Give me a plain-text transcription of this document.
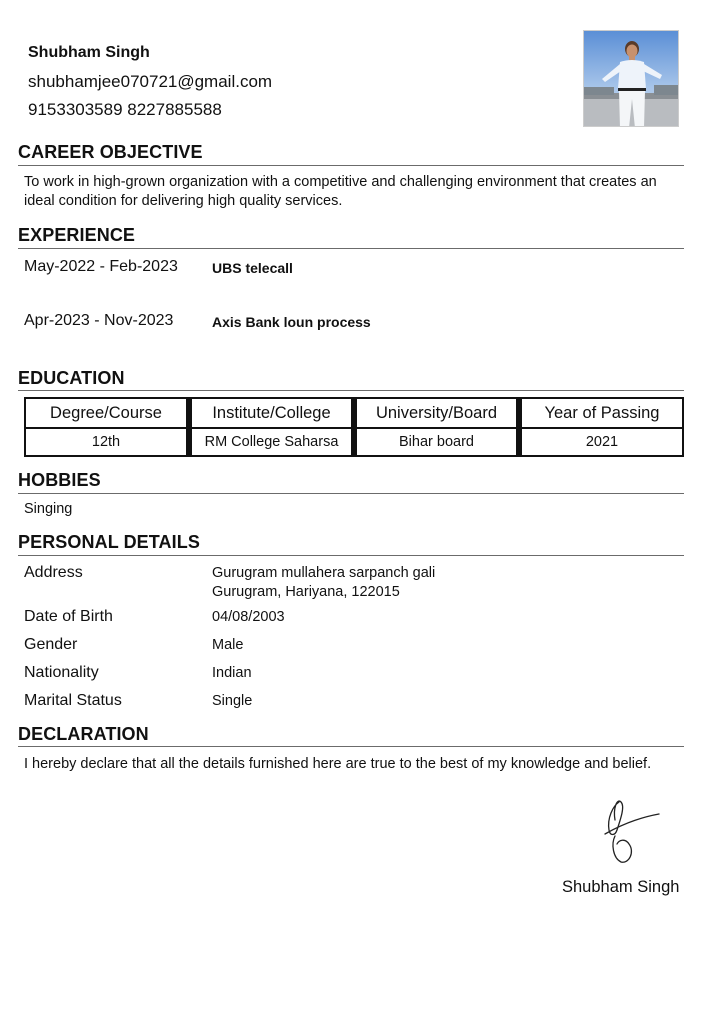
Shubham Singh
shubhamjee070721@gmail.com
9153303589 8227885588
CAREER OBJECTIVE
To work in high-grown organization with a competitive and challenging environment that creates an ideal condition for delivering high quality services.
EXPERIENCE
May-2022 - Feb-2023 UBS telecall
Apr-2023 - Nov-2023	Axis Bank loun process
EDUCATION
Degree/Course	Institute/College	University/Board	Year of Passing
12th	RM College Saharsa	Bihar board	2021
HOBBIES
Singing
PERSONAL DETAILS
Address	Gurugram mullahera sarpanch gali
Gurugram, Hariyana, 122015
Date of Birth	04/08/2003
Gender	Male
Nationality	Indian
Marital Status	Single
DECLARATION
I hereby declare that all the details furnished here are true to the best of my knowledge and belief.
Shubham Singh
